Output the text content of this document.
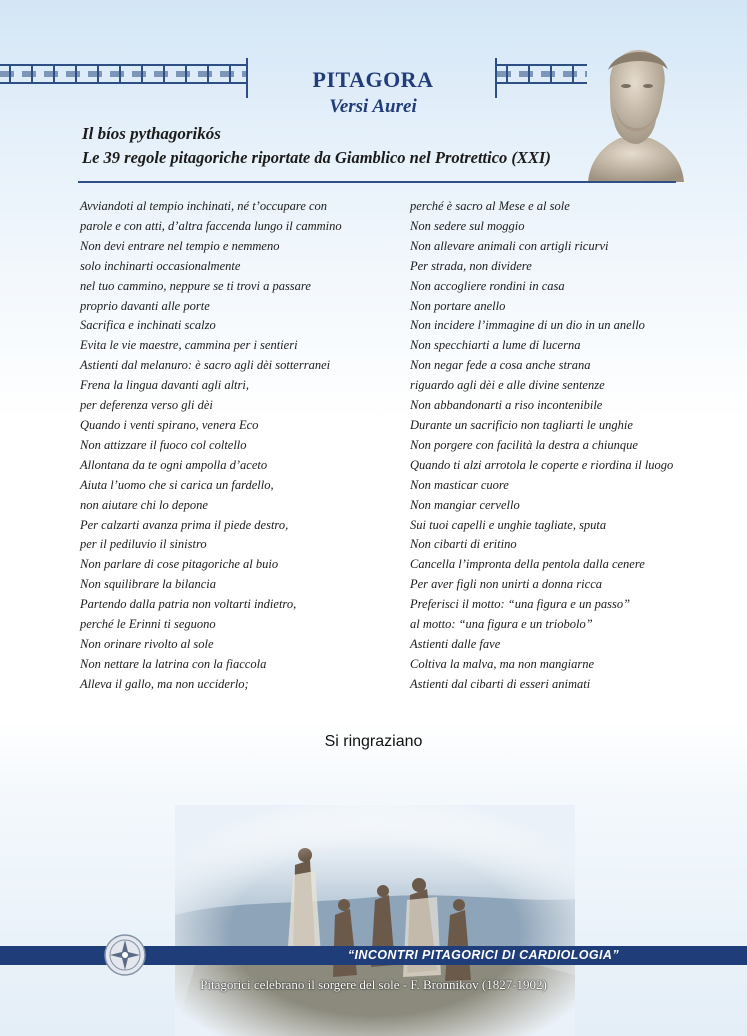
PITAGORA
Versi Aurei
Il bíos pythagorikós
Le 39 regole pitagoriche riportate da Giamblico nel Protrettico (XXI)
Avviandoti al tempio inchinati, né t’occupare con
parole e con atti, d’altra faccenda lungo il cammino
Non devi entrare nel tempio e nemmeno
solo inchinarti occasionalmente
nel tuo cammino, neppure se ti trovi a passare
proprio davanti alle porte
Sacrifica e inchinati scalzo
Evita le vie maestre, cammina per i sentieri
Astienti dal melanuro: è sacro agli dèi sotterranei
Frena la lingua davanti agli altri,
per deferenza verso gli dèi
Quando i venti spirano, venera Eco
Non attizzare il fuoco col coltello
Allontana da te ogni ampolla d’aceto
Aiuta l’uomo che si carica un fardello,
non aiutare chi lo depone
Per calzarti avanza prima il piede destro,
per il pediluvio il sinistro
Non parlare di cose pitagoriche al buio
Non squilibrare la bilancia
Partendo dalla patria non voltarti indietro,
perché le Erinni ti seguono
Non orinare rivolto al sole
Non nettare la latrina con la fiaccola
Alleva il gallo, ma non ucciderlo;
perché è sacro al Mese e al sole
Non sedere sul moggio
Non allevare animali con artigli ricurvi
Per strada, non dividere
Non accogliere rondini in casa
Non portare anello
Non incidere l’immagine di un dio in un anello
Non specchiarti a lume di lucerna
Non negar fede a cosa anche strana
riguardo agli dèi e alle divine sentenze
Non abbandonarti a riso incontenibile
Durante un sacrificio non tagliarti le unghie
Non porgere con facilità la destra a chiunque
Quando ti alzi arrotola le coperte e riordina il luogo
Non masticar cuore
Non mangiar cervello
Sui tuoi capelli e unghie tagliate, sputa
Non cibarti di eritino
Cancella l’impronta della pentola dalla cenere
Per aver figli non unirti a donna ricca
Preferisci il motto: “una figura e un passo”
al motto: “una figura e un triobolo”
Astienti dalle fave
Coltiva la malva, ma non mangiarne
Astienti dal cibarti di esseri animati
Si ringraziano
“INCONTRI PITAGORICI DI CARDIOLOGIA”
Pitagorici celebrano il sorgere del sole - F. Bronnikov (1827-1902)
